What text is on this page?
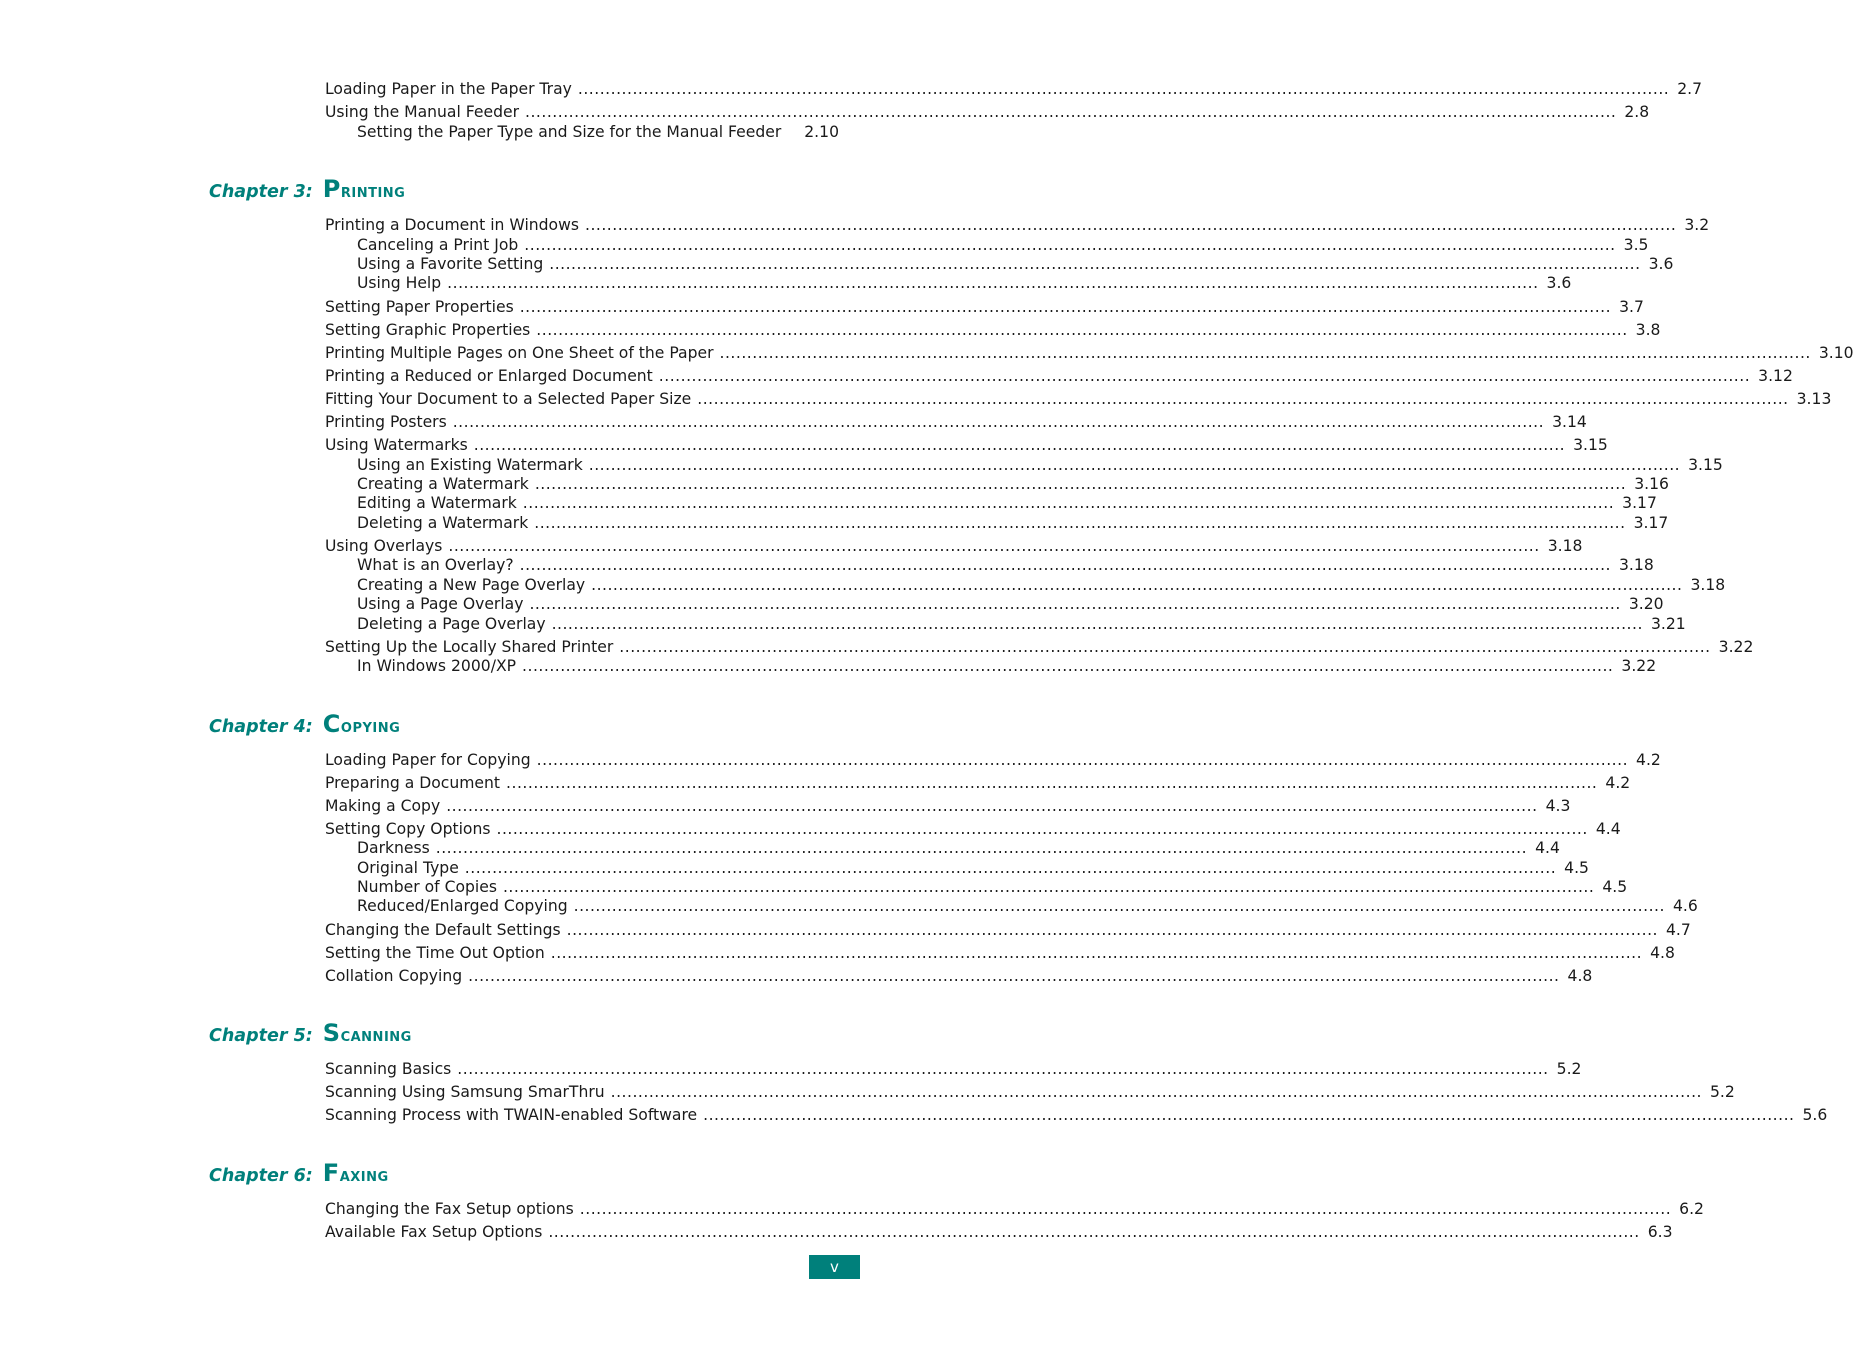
Loading Paper in the Paper Tray ........................................................................................................................................................................................................ 2.7
Using the Manual Feeder ........................................................................................................................................................................................................ 2.8
Setting the Paper Type and Size for the Manual Feeder 2.10
Chapter 3: Printing
Printing a Document in Windows ........................................................................................................................................................................................................ 3.2
Canceling a Print Job ........................................................................................................................................................................................................ 3.5
Using a Favorite Setting ........................................................................................................................................................................................................ 3.6
Using Help ........................................................................................................................................................................................................ 3.6
Setting Paper Properties ........................................................................................................................................................................................................ 3.7
Setting Graphic Properties ........................................................................................................................................................................................................ 3.8
Printing Multiple Pages on One Sheet of the Paper ........................................................................................................................................................................................................ 3.10
Printing a Reduced or Enlarged Document ........................................................................................................................................................................................................ 3.12
Fitting Your Document to a Selected Paper Size ........................................................................................................................................................................................................ 3.13
Printing Posters ........................................................................................................................................................................................................ 3.14
Using Watermarks ........................................................................................................................................................................................................ 3.15
Using an Existing Watermark ........................................................................................................................................................................................................ 3.15
Creating a Watermark ........................................................................................................................................................................................................ 3.16
Editing a Watermark ........................................................................................................................................................................................................ 3.17
Deleting a Watermark ........................................................................................................................................................................................................ 3.17
Using Overlays ........................................................................................................................................................................................................ 3.18
What is an Overlay? ........................................................................................................................................................................................................ 3.18
Creating a New Page Overlay ........................................................................................................................................................................................................ 3.18
Using a Page Overlay ........................................................................................................................................................................................................ 3.20
Deleting a Page Overlay ........................................................................................................................................................................................................ 3.21
Setting Up the Locally Shared Printer ........................................................................................................................................................................................................ 3.22
In Windows 2000/XP ........................................................................................................................................................................................................ 3.22
Chapter 4: Copying
Loading Paper for Copying ........................................................................................................................................................................................................ 4.2
Preparing a Document ........................................................................................................................................................................................................ 4.2
Making a Copy ........................................................................................................................................................................................................ 4.3
Setting Copy Options ........................................................................................................................................................................................................ 4.4
Darkness ........................................................................................................................................................................................................ 4.4
Original Type ........................................................................................................................................................................................................ 4.5
Number of Copies ........................................................................................................................................................................................................ 4.5
Reduced/Enlarged Copying ........................................................................................................................................................................................................ 4.6
Changing the Default Settings ........................................................................................................................................................................................................ 4.7
Setting the Time Out Option ........................................................................................................................................................................................................ 4.8
Collation Copying ........................................................................................................................................................................................................ 4.8
Chapter 5: Scanning
Scanning Basics ........................................................................................................................................................................................................ 5.2
Scanning Using Samsung SmarThru ........................................................................................................................................................................................................ 5.2
Scanning Process with TWAIN-enabled Software ........................................................................................................................................................................................................ 5.6
Chapter 6: Faxing
Changing the Fax Setup options ........................................................................................................................................................................................................ 6.2
Available Fax Setup Options ........................................................................................................................................................................................................ 6.3
v
